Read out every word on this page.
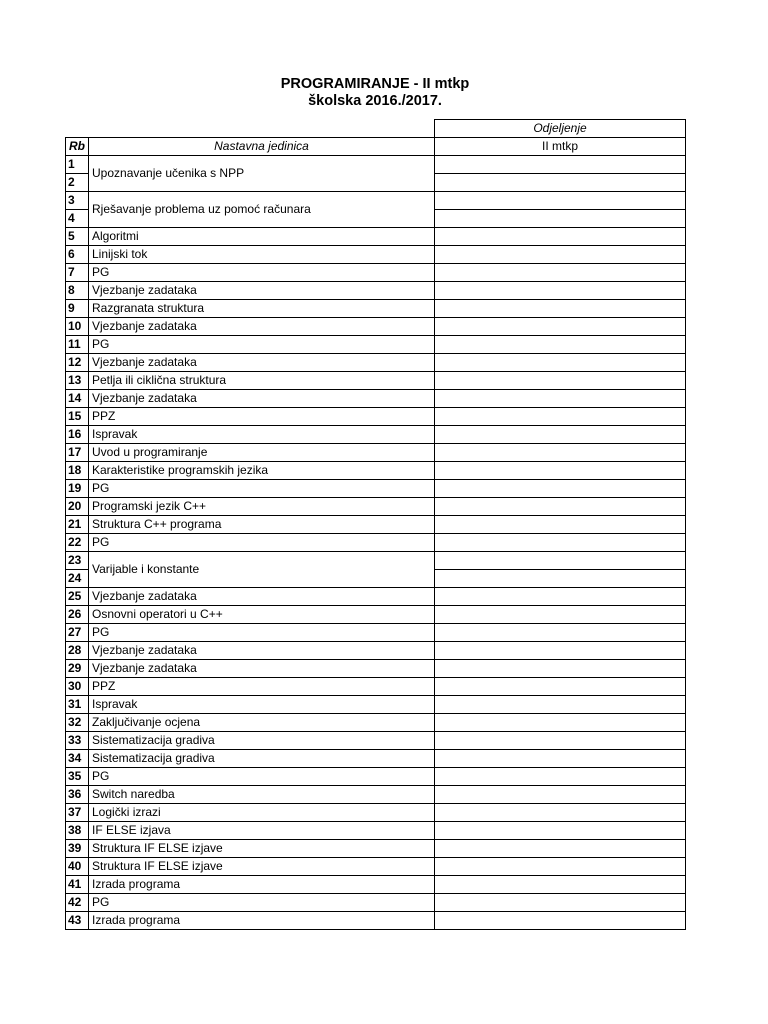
PROGRAMIRANJE - II mtkp
školska 2016./2017.
		Odjeljenje
Rb	Nastavna jedinica	II mtkp
1	Upoznavanje učenika s NPP	
2		
3	Rješavanje problema uz pomoć računara	
4		
5	Algoritmi	
6	Linijski tok	
7	PG	
8	Vjezbanje zadataka	
9	Razgranata struktura	
10	Vjezbanje zadataka	
11	PG	
12	Vjezbanje zadataka	
13	Petlja ili ciklična struktura	
14	Vjezbanje zadataka	
15	PPZ	
16	Ispravak	
17	Uvod u programiranje	
18	Karakteristike programskih jezika	
19	PG	
20	Programski jezik C++	
21	Struktura C++ programa	
22	PG	
23	Varijable i konstante	
24		
25	Vjezbanje zadataka	
26	Osnovni operatori u C++	
27	PG	
28	Vjezbanje zadataka	
29	Vjezbanje zadataka	
30	PPZ	
31	Ispravak	
32	Zaključivanje ocjena	
33	Sistematizacija gradiva	
34	Sistematizacija gradiva	
35	PG	
36	Switch naredba	
37	Logički izrazi	
38	IF ELSE izjava	
39	Struktura IF ELSE izjave	
40	Struktura IF ELSE izjave	
41	Izrada programa	
42	PG	
43	Izrada programa	
